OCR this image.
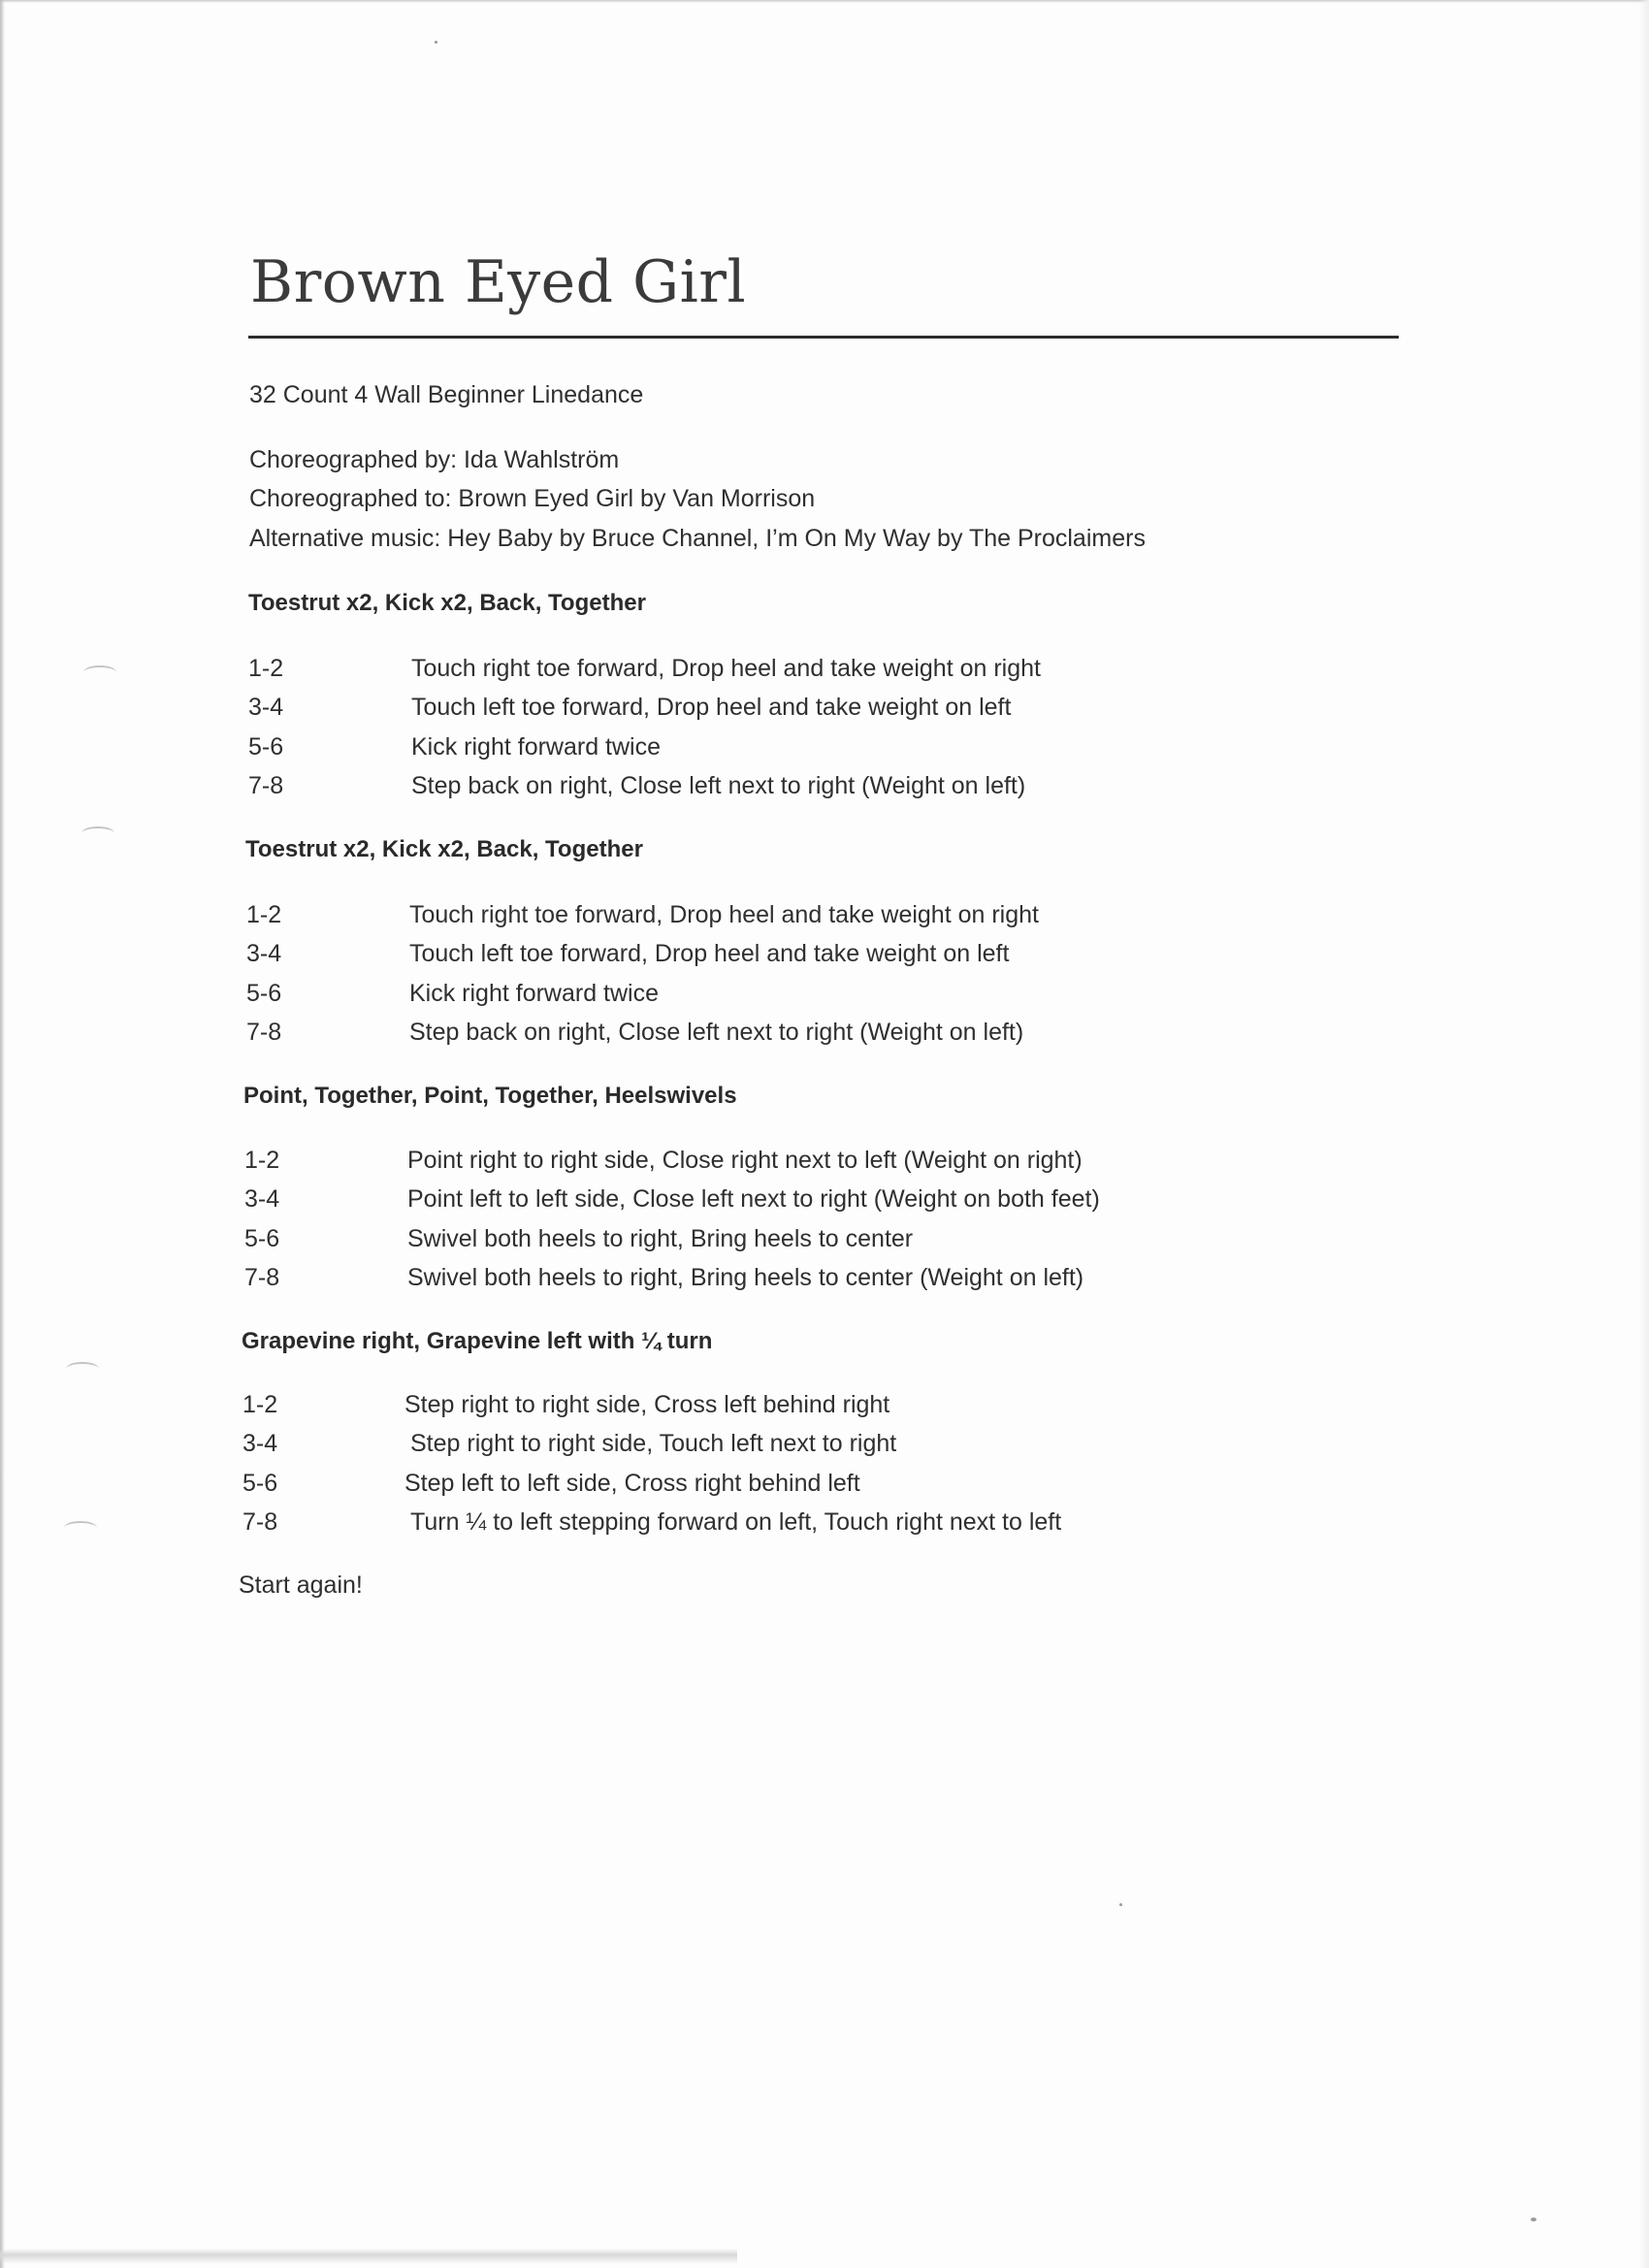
Brown Eyed Girl
32 Count 4 Wall Beginner Linedance
Choreographed by: Ida Wahlström
Choreographed to: Brown Eyed Girl by Van Morrison
Alternative music: Hey Baby by Bruce Channel, I’m On My Way by The Proclaimers
Toestrut x2, Kick x2, Back, Together
1-2	Touch right toe forward, Drop heel and take weight on right
3-4	Touch left toe forward, Drop heel and take weight on left
5-6	Kick right forward twice
7-8	Step back on right, Close left next to right (Weight on left)
Toestrut x2, Kick x2, Back, Together
1-2	Touch right toe forward, Drop heel and take weight on right
3-4	Touch left toe forward, Drop heel and take weight on left
5-6	Kick right forward twice
7-8	Step back on right, Close left next to right (Weight on left)
Point, Together, Point, Together, Heelswivels
1-2	Point right to right side, Close right next to left (Weight on right)
3-4	Point left to left side, Close left next to right (Weight on both feet)
5-6	Swivel both heels to right, Bring heels to center
7-8	Swivel both heels to right, Bring heels to center (Weight on left)
Grapevine right, Grapevine left with ¼ turn
1-2	Step right to right side, Cross left behind right
3-4	Step right to right side, Touch left next to right
5-6	Step left to left side, Cross right behind left
7-8	Turn ¼ to left stepping forward on left, Touch right next to left
Start again!
